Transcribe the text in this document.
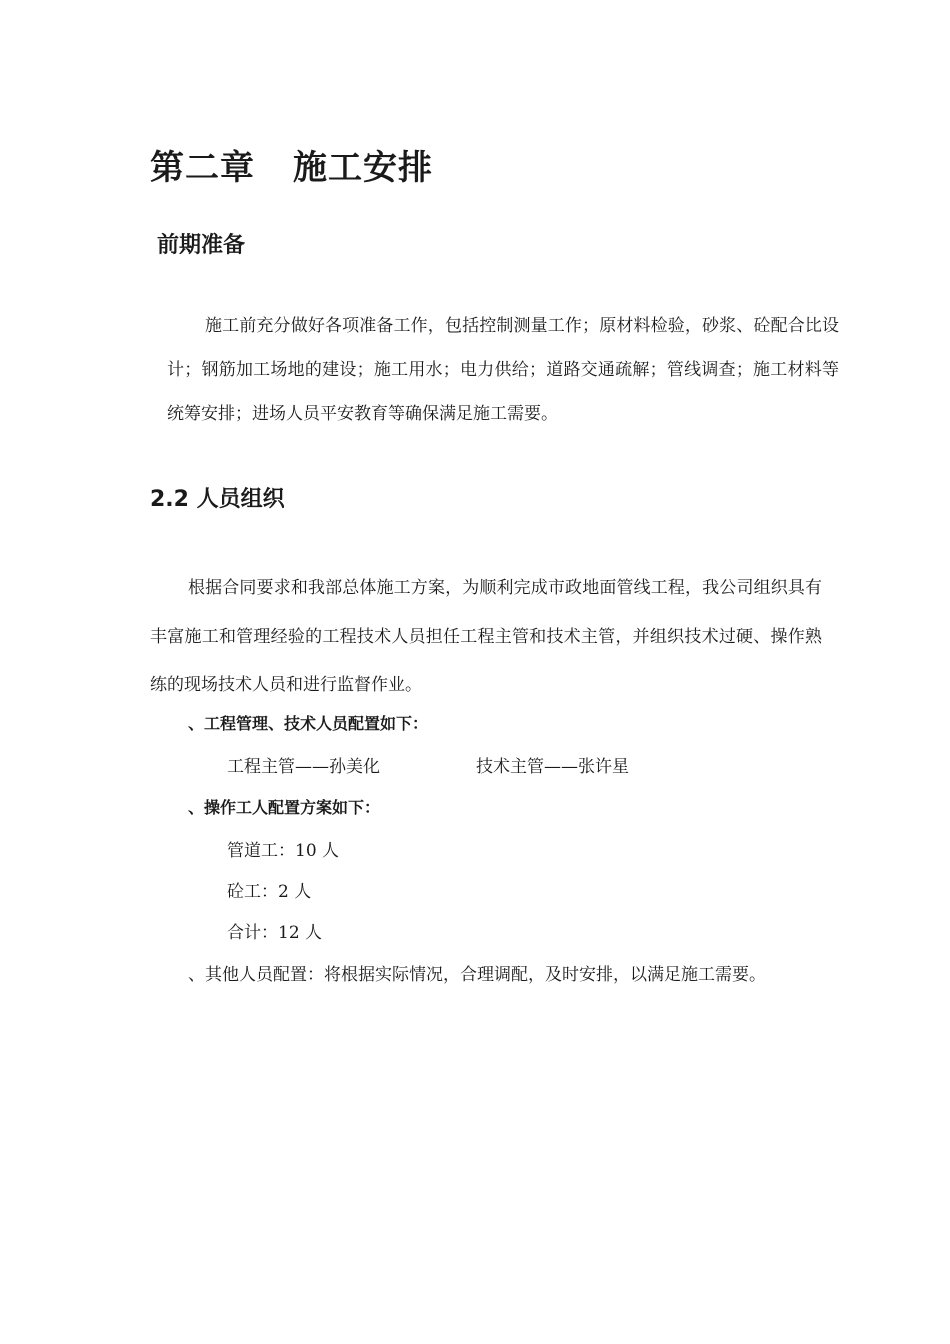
第二章 施工安排
前期准备

施工前充分做好各项准备工作，包括控制测量工作；原材料检验，砂浆、砼配合比设计；钢筋加工场地的建设；施工用水；电力供给；道路交通疏解；管线调查；施工材料等统筹安排；进场人员平安教育等确保满足施工需要。

2.2 人员组织

根据合同要求和我部总体施工方案，为顺利完成市政地面管线工程，我公司组织具有丰富施工和管理经验的工程技术人员担任工程主管和技术主管，并组织技术过硬、操作熟练的现场技术人员和进行监督作业。

、工程管理、技术人员配置如下：

工程主管——孙美化	技术主管——张许星

、操作工人配置方案如下：

管道工：10 人

砼工：2 人

合计：12 人

、其他人员配置：将根据实际情况，合理调配，及时安排，以满足施工需要。
